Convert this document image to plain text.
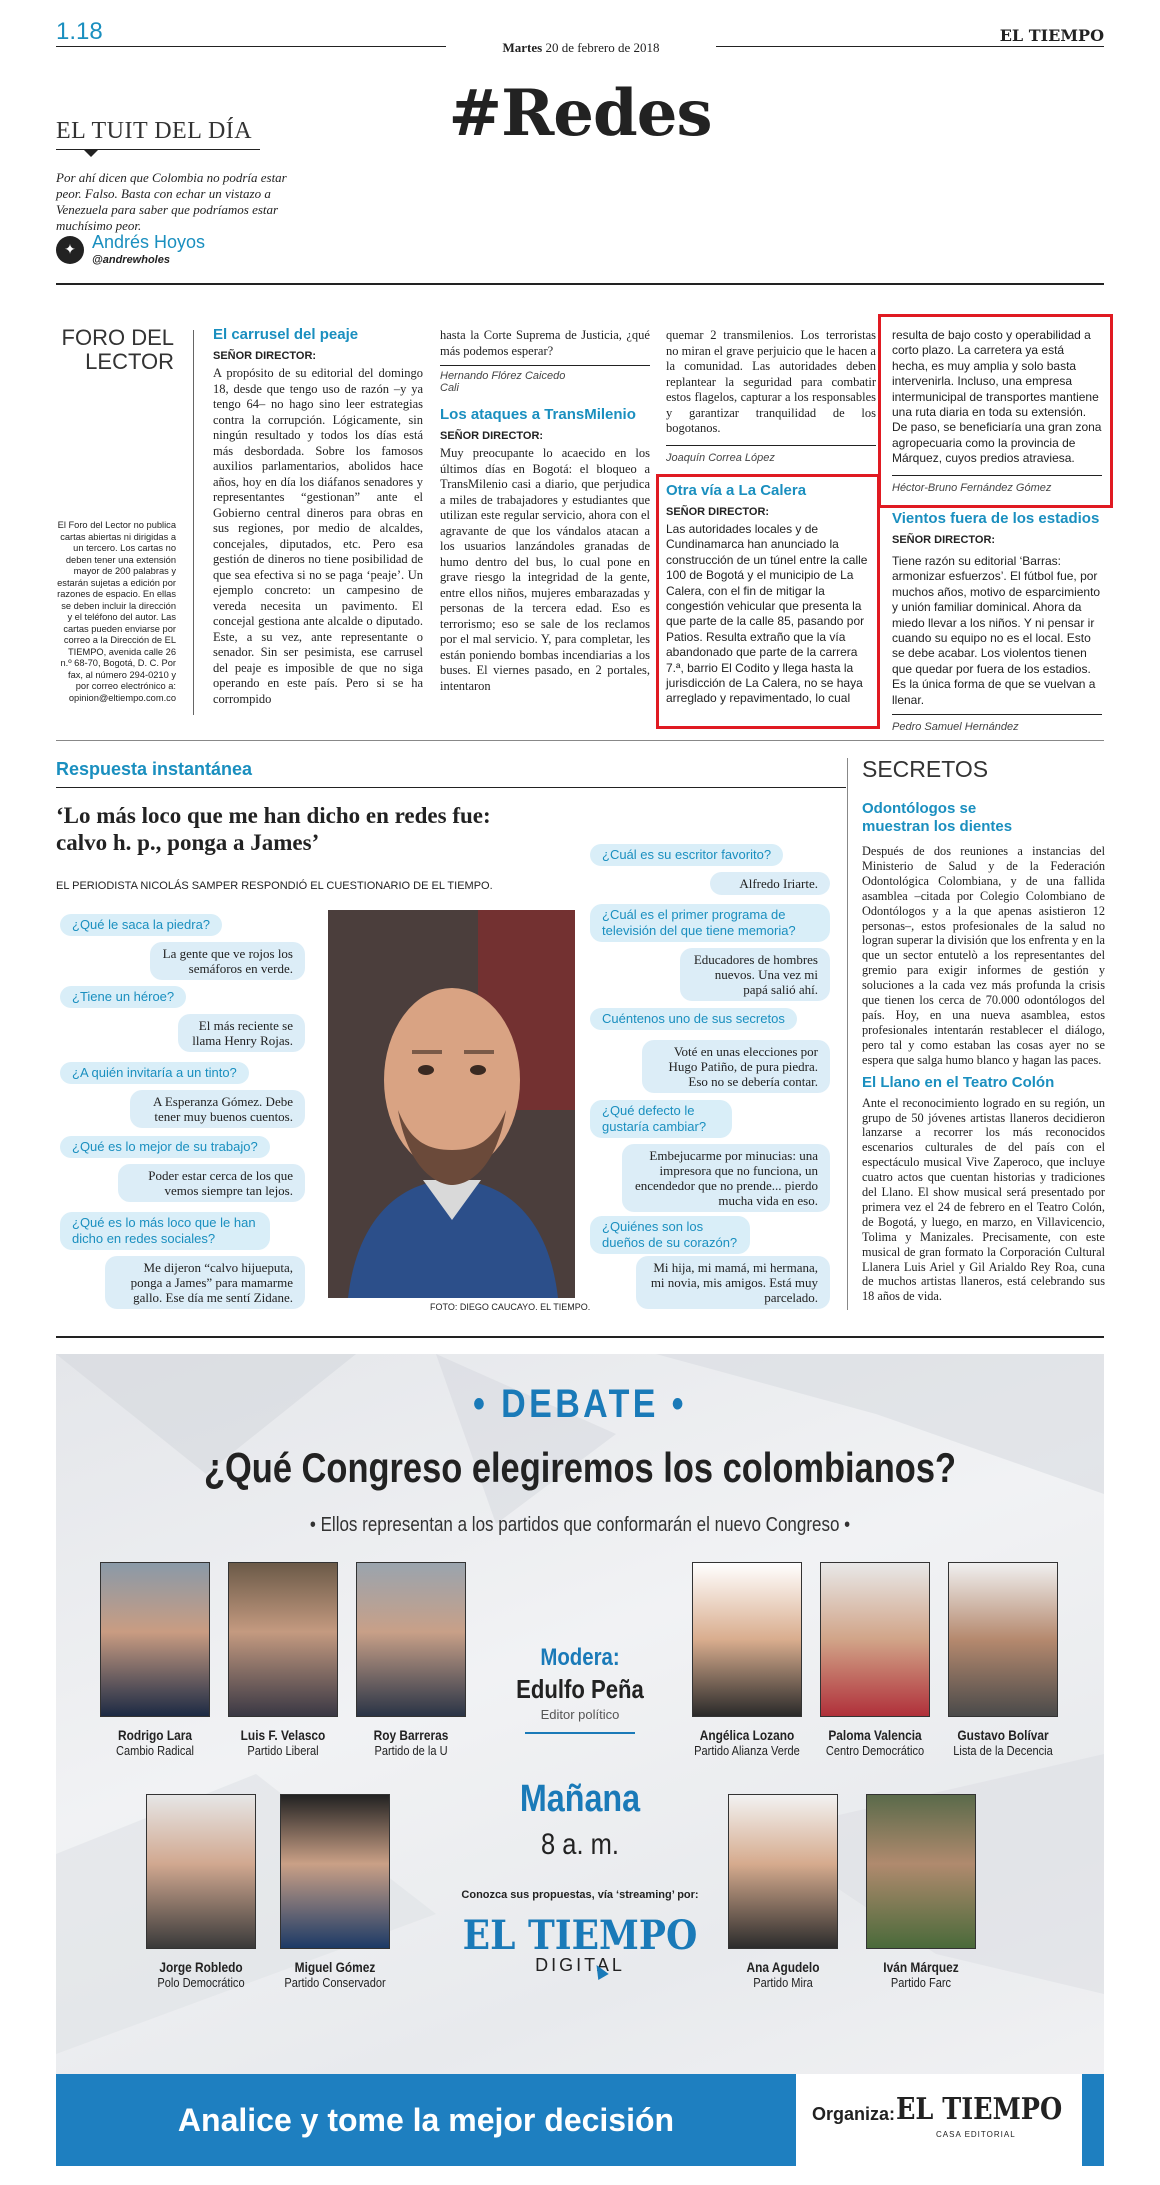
1.18
Martes 20 de febrero de 2018
EL TIEMPO
#Redes
EL TUIT DEL DÍA
Por ahí dicen que Colombia no podría estar peor. Falso. Basta con echar un vistazo a Venezuela para saber que podríamos estar muchísimo peor.
✦ Andrés Hoyos
@andrewholes
FORO DEL
LECTOR
El Foro del Lector no publica cartas abiertas ni dirigidas a un tercero. Los cartas no deben tener una extensión mayor de 200 palabras y estarán sujetas a edición por razones de espacio. En ellas se deben incluir la dirección y el teléfono del autor. Las cartas pueden enviarse por correo a la Dirección de EL TIEMPO, avenida calle 26 n.º 68-70, Bogotá, D. C. Por fax, al número 294-0210 y por correo electrónico a: opinion@eltiempo.com.co
El carrusel del peaje
SEÑOR DIRECTOR:
A propósito de su editorial del domingo 18, desde que tengo uso de razón –y ya tengo 64– no hago sino leer estrategias contra la corrupción. Lógicamente, sin ningún resultado y todos los días está más desbordada. Sobre los famosos auxilios parlamentarios, abolidos hace años, hoy en día los diáfanos senadores y representantes “gestionan” ante el Gobierno central dineros para obras en sus regiones, por medio de alcaldes, concejales, diputados, etc. Pero esa gestión de dineros no tiene posibilidad de que sea efectiva si no se paga ‘peaje’. Un ejemplo concreto: un campesino de vereda necesita un pavimento. El concejal gestiona ante alcalde o diputado. Este, a su vez, ante representante o senador. Sin ser pesimista, ese carrusel del peaje es imposible de que no siga operando en este país. Pero si se ha corrompido
hasta la Corte Suprema de Justicia, ¿qué más podemos esperar?
Hernando Flórez Caicedo
Cali
Los ataques a TransMilenio
SEÑOR DIRECTOR:
Muy preocupante lo acaecido en los últimos días en Bogotá: el bloqueo a TransMilenio casi a diario, que perjudica a miles de trabajadores y estudiantes que utilizan este regular servicio, ahora con el agravante de que los vándalos atacan a los usuarios lanzándoles granadas de humo dentro del bus, lo cual pone en grave riesgo la integridad de la gente, entre ellos niños, mujeres embarazadas y personas de la tercera edad. Eso es terrorismo; eso se sale de los reclamos por el mal servicio. Y, para completar, les están poniendo bombas incendiarias a los buses. El viernes pasado, en 2 portales, intentaron
quemar 2 transmilenios. Los terroristas no miran el grave perjuicio que le hacen a la comunidad. Las autoridades deben replantear la seguridad para combatir estos flagelos, capturar a los responsables y garantizar tranquilidad de los bogotanos.
Joaquín Correa López
Otra vía a La Calera
SEÑOR DIRECTOR:
Las autoridades locales y de Cundinamarca han anunciado la construcción de un túnel entre la calle 100 de Bogotá y el municipio de La Calera, con el fin de mitigar la congestión vehicular que presenta la que parte de la calle 85, pasando por Patios. Resulta extraño que la vía abandonado que parte de la carrera 7.ª, barrio El Codito y llega hasta la jurisdicción de La Calera, no se haya arreglado y repavimentado, lo cual
resulta de bajo costo y operabilidad a corto plazo. La carretera ya está hecha, es muy amplia y solo basta intervenirla. Incluso, una empresa intermunicipal de transportes mantiene una ruta diaria en toda su extensión. De paso, se beneficiaría una gran zona agropecuaria como la provincia de Márquez, cuyos predios atraviesa.
Héctor-Bruno Fernández Gómez
Vientos fuera de los estadios
SEÑOR DIRECTOR:
Tiene razón su editorial ‘Barras: armonizar esfuerzos’. El fútbol fue, por muchos años, motivo de esparcimiento y unión familiar dominical. Ahora da miedo llevar a los niños. Y ni pensar ir cuando su equipo no es el local. Esto se debe acabar. Los violentos tienen que quedar por fuera de los estadios. Es la única forma de que se vuelvan a llenar.
Pedro Samuel Hernández
Respuesta instantánea
‘Lo más loco que me han dicho en redes fue: calvo h. p., ponga a James’
EL PERIODISTA NICOLÁS SAMPER RESPONDIÓ EL CUESTIONARIO DE EL TIEMPO.
FOTO: DIEGO CAUCAYO. EL TIEMPO.
¿Qué le saca la piedra?
La gente que ve rojos los semáforos en verde.
¿Tiene un héroe?
El más reciente se llama Henry Rojas.
¿A quién invitaría a un tinto?
A Esperanza Gómez. Debe tener muy buenos cuentos.
¿Qué es lo mejor de su trabajo?
Poder estar cerca de los que vemos siempre tan lejos.
¿Qué es lo más loco que le han dicho en redes sociales?
Me dijeron “calvo hijueputa, ponga a James” para mamarme gallo. Ese día me sentí Zidane.
¿Cuál es su escritor favorito?
Alfredo Iriarte.
¿Cuál es el primer programa de televisión del que tiene memoria?
Educadores de hombres nuevos. Una vez mi papá salió ahí.
Cuéntenos uno de sus secretos
Voté en unas elecciones por Hugo Patiño, de pura piedra. Eso no se debería contar.
¿Qué defecto le gustaría cambiar?
Embejucarme por minucias: una impresora que no funciona, un encendedor que no prende... pierdo mucha vida en eso.
¿Quiénes son los dueños de su corazón?
Mi hija, mi mamá, mi hermana, mi novia, mis amigos. Está muy parcelado.
SECRETOS
Odontólogos se muestran los dientes
Después de dos reuniones a instancias del Ministerio de Salud y de la Federación Odontológica Colombiana, y de una fallida asamblea –citada por Colegio Colombiano de Odontólogos y a la que apenas asistieron 12 personas–, estos profesionales de la salud no logran superar la división que los enfrenta y en la que un sector entutelò a los representantes del gremio para exigir informes de gestión y soluciones a la cada vez más profunda la crisis que tienen los cerca de 70.000 odontólogos del país. Hoy, en una nueva asamblea, estos profesionales intentarán restablecer el diálogo, pero tal y como estaban las cosas ayer no se espera que salga humo blanco y hagan las paces.
El Llano en el Teatro Colón
Ante el reconocimiento logrado en su región, un grupo de 50 jóvenes artistas llaneros decidieron lanzarse a recorrer los más reconocidos escenarios culturales de del país con el espectáculo musical Vive Zaperoco, que incluye cuatro actos que cuentan historias y tradiciones del Llano. El show musical será presentado por primera vez el 24 de febrero en el Teatro Colón, de Bogotá, y luego, en marzo, en Villavicencio, Tolima y Manizales. Precisamente, con este musical de gran formato la Corporación Cultural Llanera Luis Ariel y Gil Arialdo Rey Roa, cuna de muchos artistas llaneros, está celebrando sus 18 años de vida.
• DEBATE •
¿Qué Congreso elegiremos los colombianos?
• Ellos representan a los partidos que conformarán el nuevo Congreso •
Rodrigo Lara
Cambio Radical
Luis F. Velasco
Partido Liberal
Roy Barreras
Partido de la U
Angélica Lozano
Partido Alianza Verde
Paloma Valencia
Centro Democrático
Gustavo Bolívar
Lista de la Decencia
Modera:
Edulfo Peña
Editor político
Mañana
8 a. m.
Conozca sus propuestas, vía ‘streaming’ por:
EL TIEMPO
DIGITAL
Jorge Robledo
Polo Democrático
Miguel Gómez
Partido Conservador
Ana Agudelo
Partido Mira
Iván Márquez
Partido Farc
Analice y tome la mejor decisión	Organiza: EL TIEMPO
CASA EDITORIAL
